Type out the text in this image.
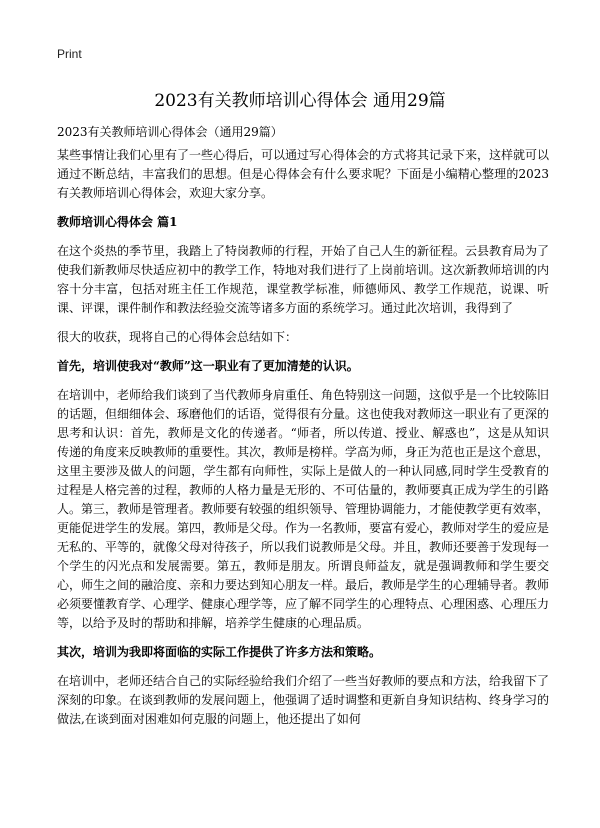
Print
2023有关教师培训心得体会 通用29篇
2023有关教师培训心得体会（通用29篇）

某些事情让我们心里有了一些心得后，可以通过写心得体会的方式将其记录下来，这样就可以通过不断总结，丰富我们的思想。但是心得体会有什么要求呢？下面是小编精心整理的2023有关教师培训心得体会，欢迎大家分享。

教师培训心得体会 篇1

在这个炎热的季节里，我踏上了特岗教师的行程，开始了自己人生的新征程。云县教育局为了使我们新教师尽快适应初中的教学工作，特地对我们进行了上岗前培训。这次新教师培训的内容十分丰富，包括对班主任工作规范，课堂教学标准，师德师风、教学工作规范，说课、听课、评课，课件制作和教法经验交流等诸多方面的系统学习。通过此次培训，我得到了

很大的收获，现将自己的心得体会总结如下：

首先，培训使我对“教师”这一职业有了更加清楚的认识。

在培训中，老师给我们谈到了当代教师身肩重任、角色特别这一问题，这似乎是一个比较陈旧的话题，但细细体会、琢磨他们的话语，觉得很有分量。这也使我对教师这一职业有了更深的思考和认识：首先，教师是文化的传递者。“师者，所以传道、授业、解惑也”，这是从知识传递的角度来反映教师的重要性。其次，教师是榜样。学高为师，身正为范也正是这个意思，这里主要涉及做人的问题，学生都有向师性，实际上是做人的一种认同感,同时学生受教育的过程是人格完善的过程，教师的人格力量是无形的、不可估量的，教师要真正成为学生的引路人。第三，教师是管理者。教师要有较强的组织领导、管理协调能力，才能使教学更有效率，更能促进学生的发展。第四，教师是父母。作为一名教师，要富有爱心，教师对学生的爱应是无私的、平等的，就像父母对待孩子，所以我们说教师是父母。并且，教师还要善于发现每一个学生的闪光点和发展需要。第五，教师是朋友。所谓良师益友，就是强调教师和学生要交心，师生之间的融洽度、亲和力要达到知心朋友一样。最后，教师是学生的心理辅导者。教师必须要懂教育学、心理学、健康心理学等，应了解不同学生的心理特点、心理困惑、心理压力等，以给予及时的帮助和排解，培养学生健康的心理品质。

其次，培训为我即将面临的实际工作提供了许多方法和策略。

在培训中，老师还结合自己的实际经验给我们介绍了一些当好教师的要点和方法，给我留下了深刻的印象。在谈到教师的发展问题上，他强调了适时调整和更新自身知识结构、终身学习的做法,在谈到面对困难如何克服的问题上，他还提出了如何
